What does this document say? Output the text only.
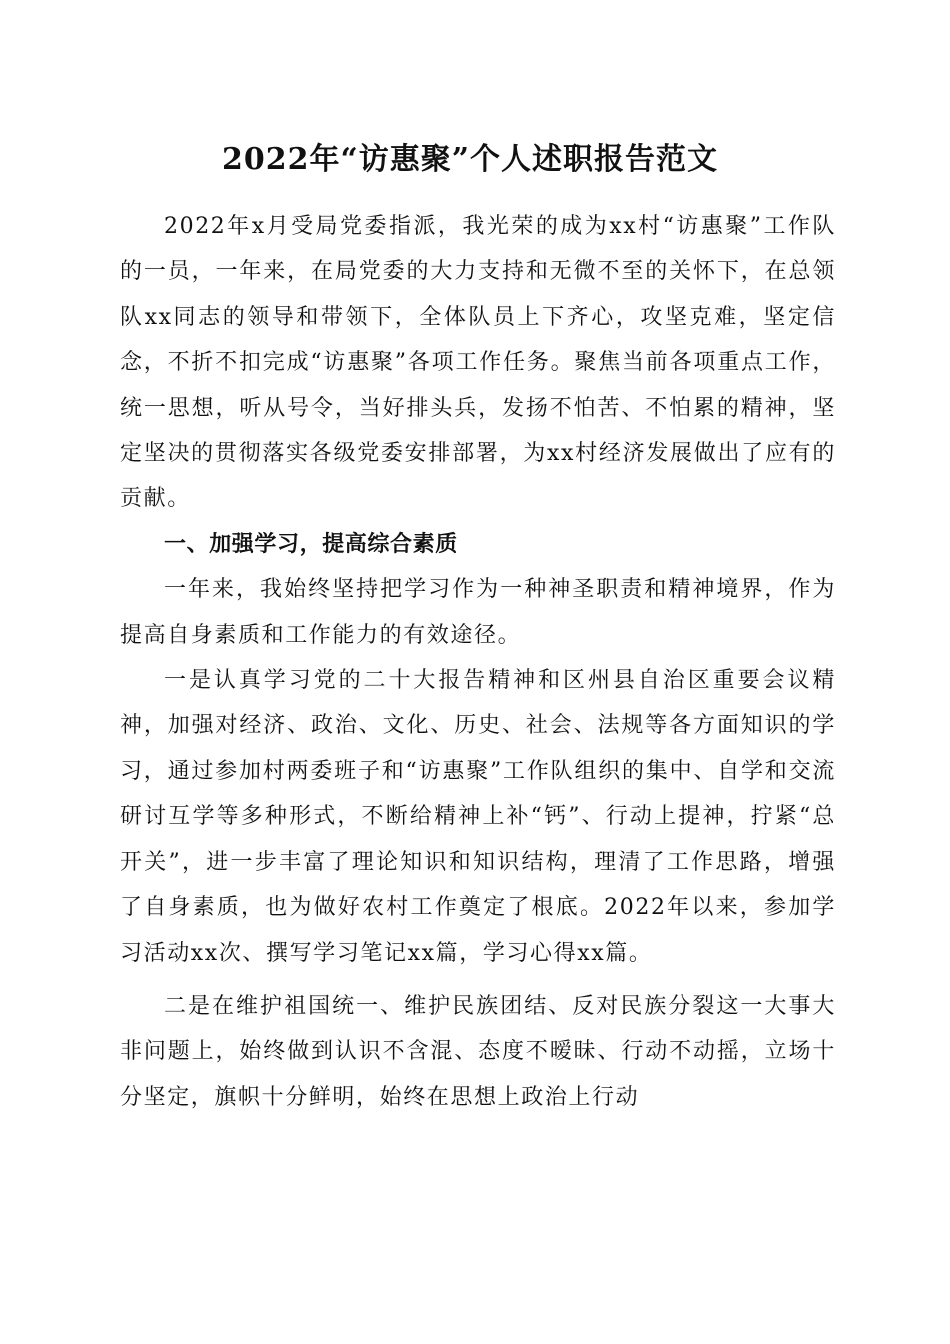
2022年“访惠聚”个人述职报告范文

2022年x月受局党委指派，我光荣的成为xx村“访惠聚”工作队的一员，一年来，在局党委的大力支持和无微不至的关怀下，在总领队xx同志的领导和带领下，全体队员上下齐心，攻坚克难，坚定信念，不折不扣完成“访惠聚”各项工作任务。聚焦当前各项重点工作，统一思想，听从号令，当好排头兵，发扬不怕苦、不怕累的精神，坚定坚决的贯彻落实各级党委安排部署，为xx村经济发展做出了应有的贡献。

一、加强学习，提高综合素质

一年来，我始终坚持把学习作为一种神圣职责和精神境界，作为提高自身素质和工作能力的有效途径。

一是认真学习党的二十大报告精神和区州县自治区重要会议精神，加强对经济、政治、文化、历史、社会、法规等各方面知识的学习，通过参加村两委班子和“访惠聚”工作队组织的集中、自学和交流研讨互学等多种形式，不断给精神上补“钙”、行动上提神，拧紧“总开关”，进一步丰富了理论知识和知识结构，理清了工作思路，增强了自身素质，也为做好农村工作奠定了根底。2022年以来，参加学习活动xx次、撰写学习笔记xx篇，学习心得xx篇。

二是在维护祖国统一、维护民族团结、反对民族分裂这一大事大非问题上，始终做到认识不含混、态度不暧昧、行动不动摇，立场十分坚定，旗帜十分鲜明，始终在思想上政治上行动
